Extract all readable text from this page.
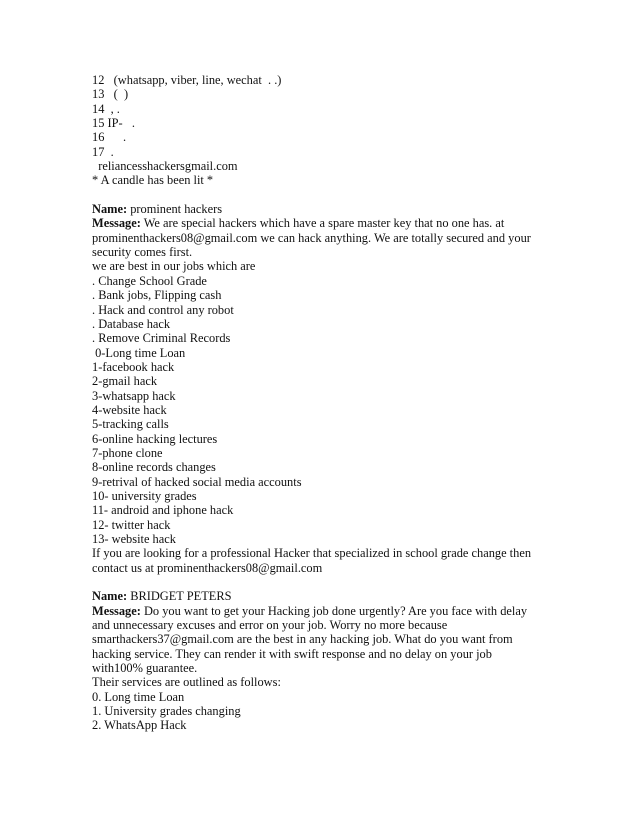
12   (whatsapp, viber, line, wechat  . .)
13   (  )
14  , .
15 IP-   .
16      .
17  .
reliancesshackersgmail.com
* A candle has been lit *
Name: prominent hackers
Message: We are special hackers which have a spare master key that no one has. at
prominenthackers08@gmail.com we can hack anything. We are totally secured and your
security comes first.
we are best in our jobs which are
. Change School Grade
. Bank jobs, Flipping cash
. Hack and control any robot
. Database hack
. Remove Criminal Records
0-Long time Loan
1-facebook hack
2-gmail hack
3-whatsapp hack
4-website hack
5-tracking calls
6-online hacking lectures
7-phone clone
8-online records changes
9-retrival of hacked social media accounts
10- university grades
11- android and iphone hack
12- twitter hack
13- website hack
If you are looking for a professional Hacker that specialized in school grade change then
contact us at prominenthackers08@gmail.com
Name: BRIDGET PETERS
Message: Do you want to get your Hacking job done urgently? Are you face with delay
and unnecessary excuses and error on your job. Worry no more because
smarthackers37@gmail.com are the best in any hacking job. What do you want from
hacking service. They can render it with swift response and no delay on your job
with100% guarantee.
Their services are outlined as follows:
0. Long time Loan
1. University grades changing
2. WhatsApp Hack
